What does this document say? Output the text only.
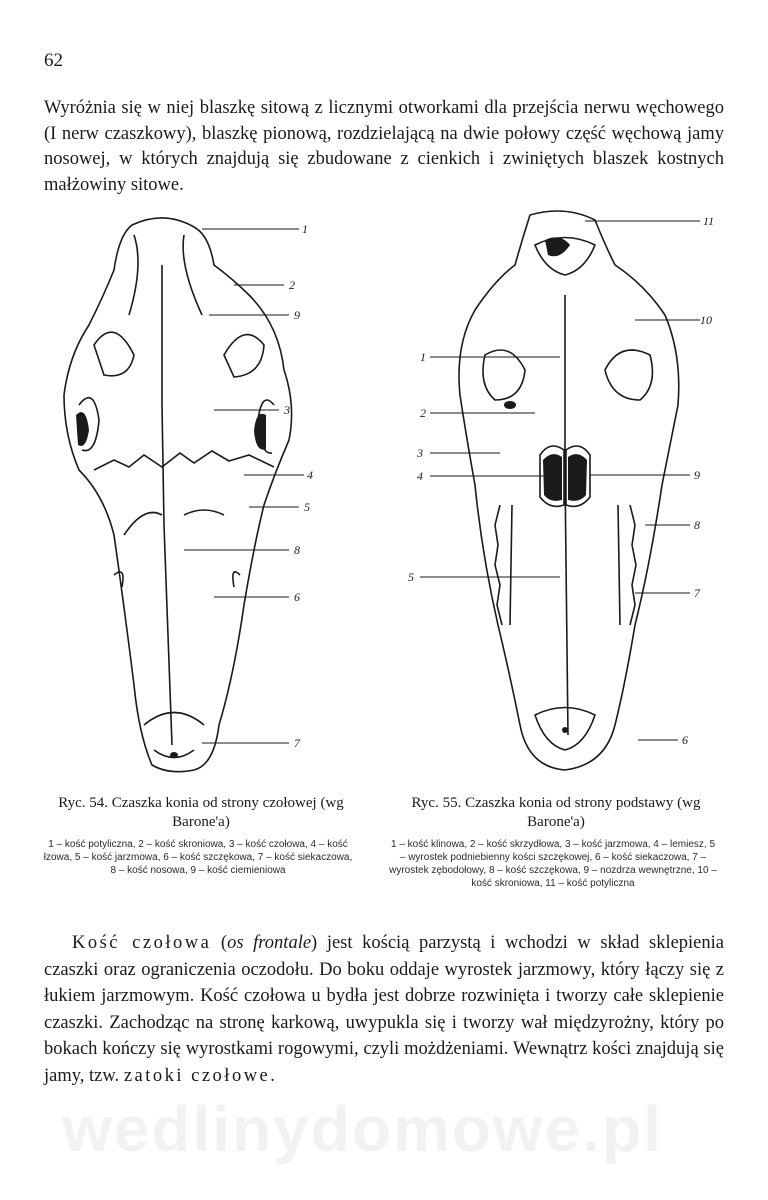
62
Wyróżnia się w niej blaszkę sitową z licznymi otworkami dla przejścia nerwu węchowego (I nerw czaszkowy), blaszkę pionową, rozdzielającą na dwie połowy część węchową jamy nosowej, w których znajdują się zbudowane z cienkich i zwiniętych blaszek kostnych małżowiny sitowe.
1
2
9
3
4
5
8
6
7
11
10
1
2
3
4	9
8
5
7
6
Ryc. 54. Czaszka konia od strony czołowej (wg Barone'a)
1 – kość potyliczna, 2 – kość skroniowa, 3 – kość czołowa, 4 – kość łzowa, 5 – kość jarzmowa, 6 – kość szczękowa, 7 – kość siekaczowa, 8 – kość nosowa, 9 – kość ciemieniowa
Ryc. 55. Czaszka konia od strony podstawy (wg Barone'a)
1 – kość klinowa, 2 – kość skrzydłowa, 3 – kość jarzmowa, 4 – lemiesz, 5 – wyrostek podniebienny kości szczękowej, 6 – kość siekaczowa, 7 – wyrostek zębodołowy, 8 – kość szczękowa, 9 – nozdrza wewnętrzne, 10 – kość skroniowa, 11 – kość potyliczna
Kość czołowa (os frontale) jest kością parzystą i wchodzi w skład sklepienia czaszki oraz ograniczenia oczodołu. Do boku oddaje wyrostek jarzmowy, który łączy się z łukiem jarzmowym. Kość czołowa u bydła jest dobrze rozwinięta i tworzy całe sklepienie czaszki. Zachodząc na stronę karkową, uwypukla się i tworzy wał międzyrożny, który po bokach kończy się wyrostkami rogowymi, czyli możdżeniami. Wewnątrz kości znajdują się jamy, tzw. zatoki czołowe.
wedlinydomowe.pl
